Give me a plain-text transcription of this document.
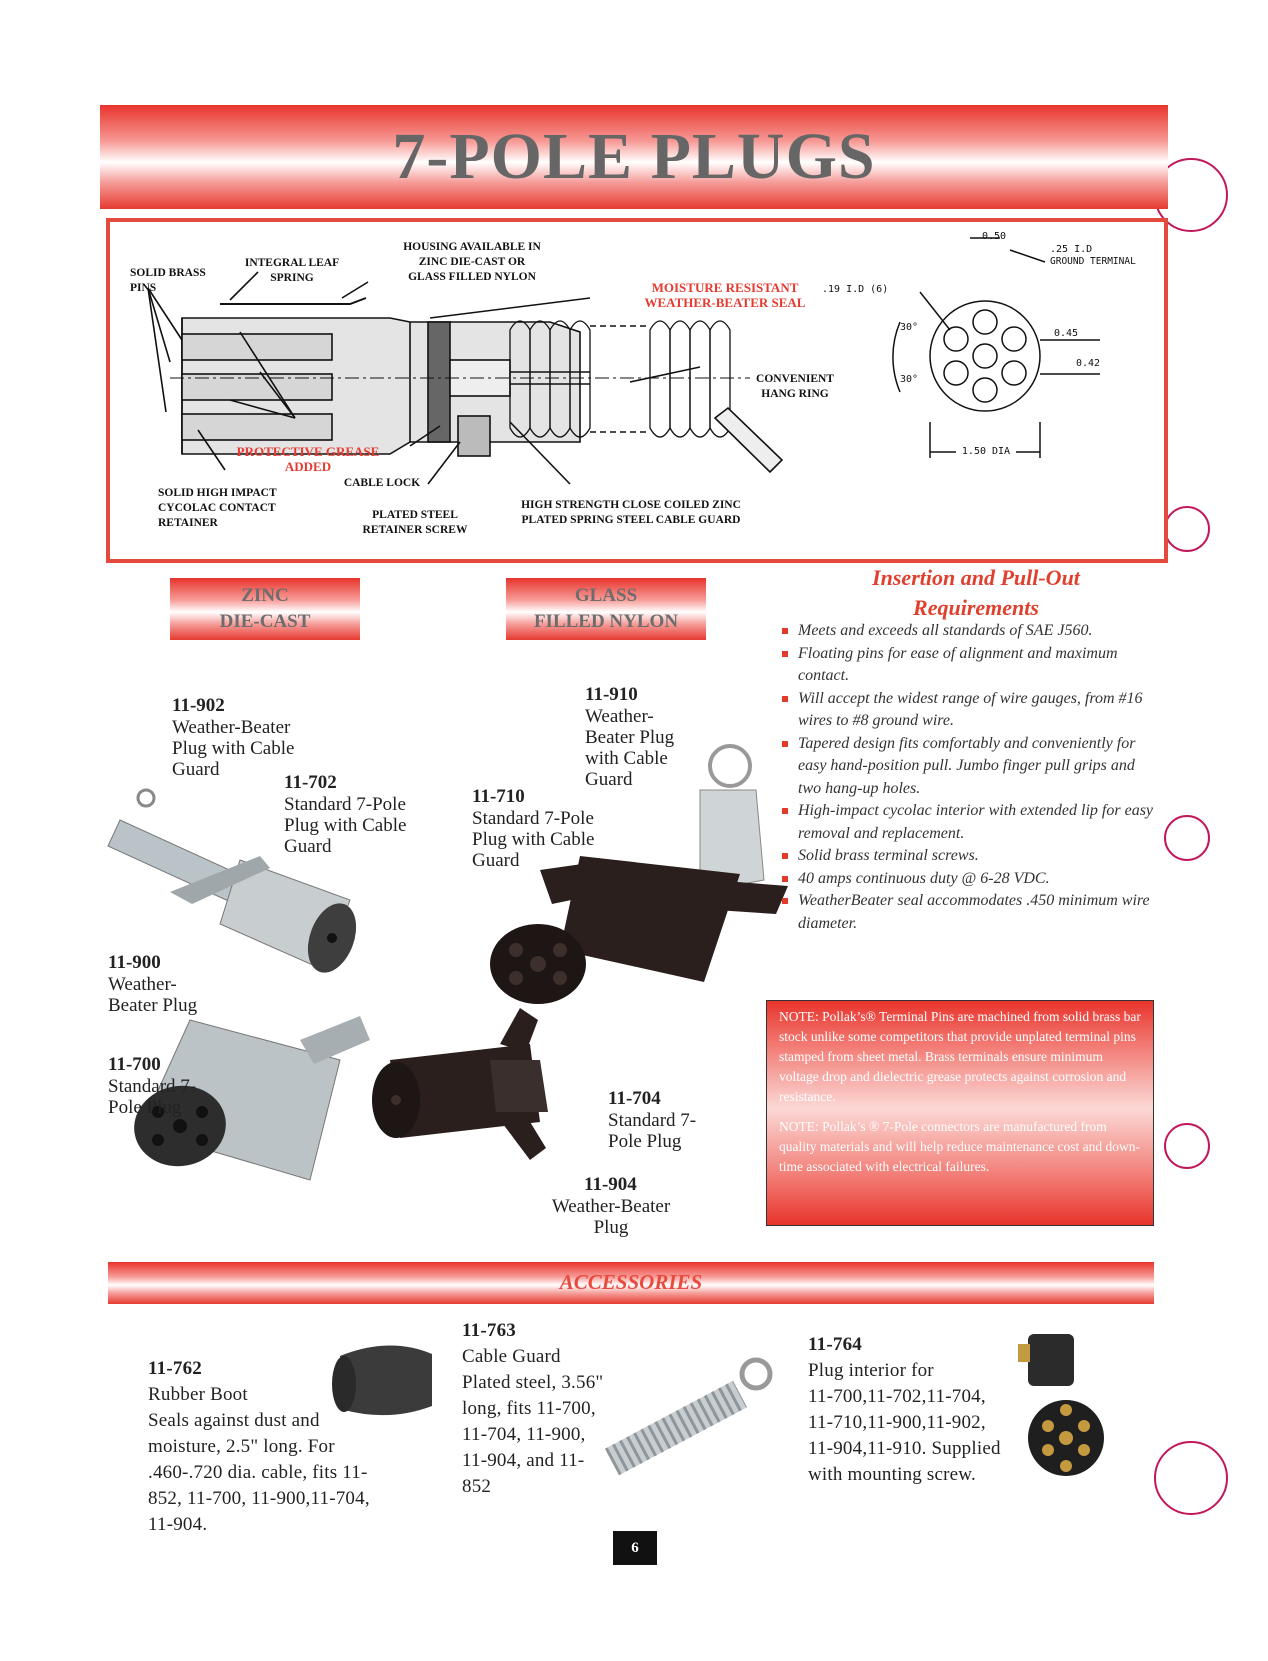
7-POLE PLUGS
SOLID BRASS PINS
INTEGRAL LEAF SPRING
HOUSING AVAILABLE IN ZINC DIE-CAST OR GLASS FILLED NYLON
MOISTURE RESISTANT WEATHER-BEATER SEAL
CONVENIENT HANG RING
PROTECTIVE GREASE ADDED
CABLE LOCK
SOLID HIGH IMPACT CYCOLAC CONTACT RETAINER
PLATED STEEL RETAINER SCREW
HIGH STRENGTH CLOSE COILED ZINC PLATED SPRING STEEL CABLE GUARD
0.50
.25 I.D
GROUND TERMINAL
.19 I.D (6)
0.45
0.42
30°
30°
1.50 DIA
ZINC
DIE-CAST
GLASS
FILLED NYLON
11-902
Weather-Beater Plug with Cable Guard
11-702
Standard 7-Pole Plug with Cable Guard
11-910
Weather-Beater Plug with Cable Guard
11-710
Standard 7-Pole Plug with Cable Guard
11-900
Weather-Beater Plug
11-700
Standard 7-Pole Plug	11-704
Standard 7-Pole Plug
11-904
Weather-Beater Plug
Insertion and Pull-Out Requirements
Meets and exceeds all standards of SAE J560.
Floating pins for ease of alignment and maximum contact.
Will accept the widest range of wire gauges, from #16 wires to #8 ground wire.
Tapered design fits comfortably and conveniently for easy hand-position pull. Jumbo finger pull grips and two hang-up holes.
High-impact cycolac interior with extended lip for easy removal and replacement.
Solid brass terminal screws.
40 amps continuous duty @ 6-28 VDC.
WeatherBeater seal accommodates .450 minimum wire diameter.

NOTE: Pollak’s® Terminal Pins are machined from solid brass bar stock unlike some competitors that provide unplated terminal pins stamped from sheet metal. Brass terminals ensure minimum voltage drop and dielectric grease protects against corrosion and resistance.

NOTE: Pollak’s ® 7-Pole connectors are manufactured from quality materials and will help reduce maintenance cost and down-time associated with electrical failures.

ACCESSORIES
11-762
Rubber Boot
Seals against dust and moisture, 2.5" long. For .460-.720 dia. cable, fits 11-852, 11-700, 11-900,11-704, 11-904.
11-763
Cable Guard
Plated steel, 3.56" long, fits 11-700, 11-704, 11-900, 11-904, and 11-852
11-764
Plug interior for
11-700,11-702,11-704, 11-710,11-900,11-902, 11-904,11-910. Supplied with mounting screw.
6
